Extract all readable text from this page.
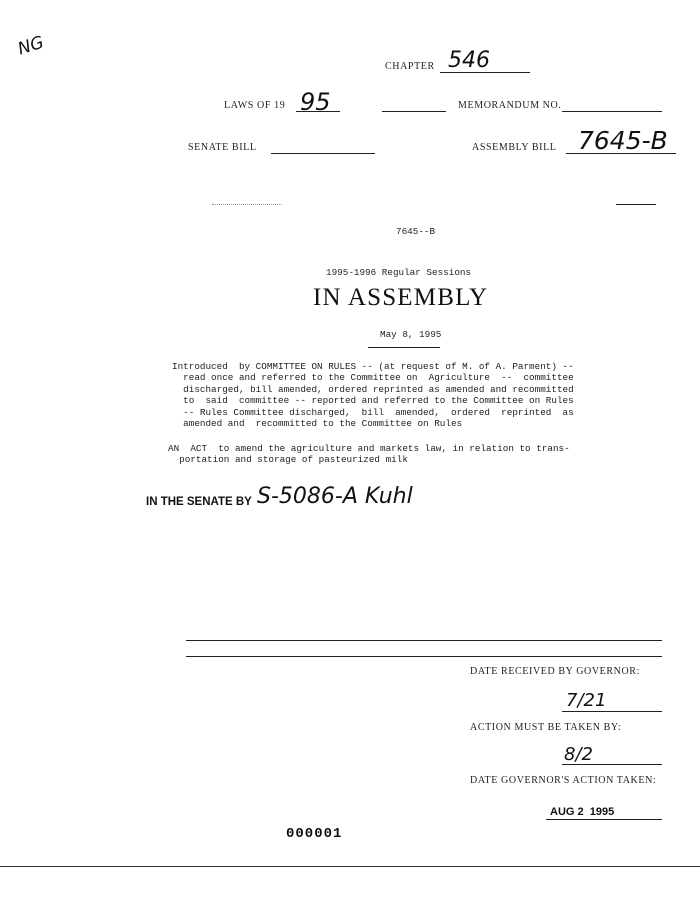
NG
CHAPTER 546
LAWS OF 19 95	MEMORANDUM NO.
SENATE BILL	ASSEMBLY BILL 7645-B
7645--B
1995-1996 Regular Sessions
IN ASSEMBLY
May 8, 1995
Introduced  by COMMITTEE ON RULES -- (at request of M. of A. Parment) --
read once and referred to the Committee on  Agriculture  --  committee
discharged, bill amended, ordered reprinted as amended and recommitted
to  said  committee -- reported and referred to the Committee on Rules
-- Rules Committee discharged,  bill  amended,  ordered  reprinted  as
amended and  recommitted to the Committee on Rules
AN  ACT  to amend the agriculture and markets law, in relation to trans-
portation and storage of pasteurized milk
IN THE SENATE BY S-5086-A Kuhl
DATE RECEIVED BY GOVERNOR:
7/21
ACTION MUST BE TAKEN BY:
8/2
DATE GOVERNOR'S ACTION TAKEN:
AUG 2  1995
000001
